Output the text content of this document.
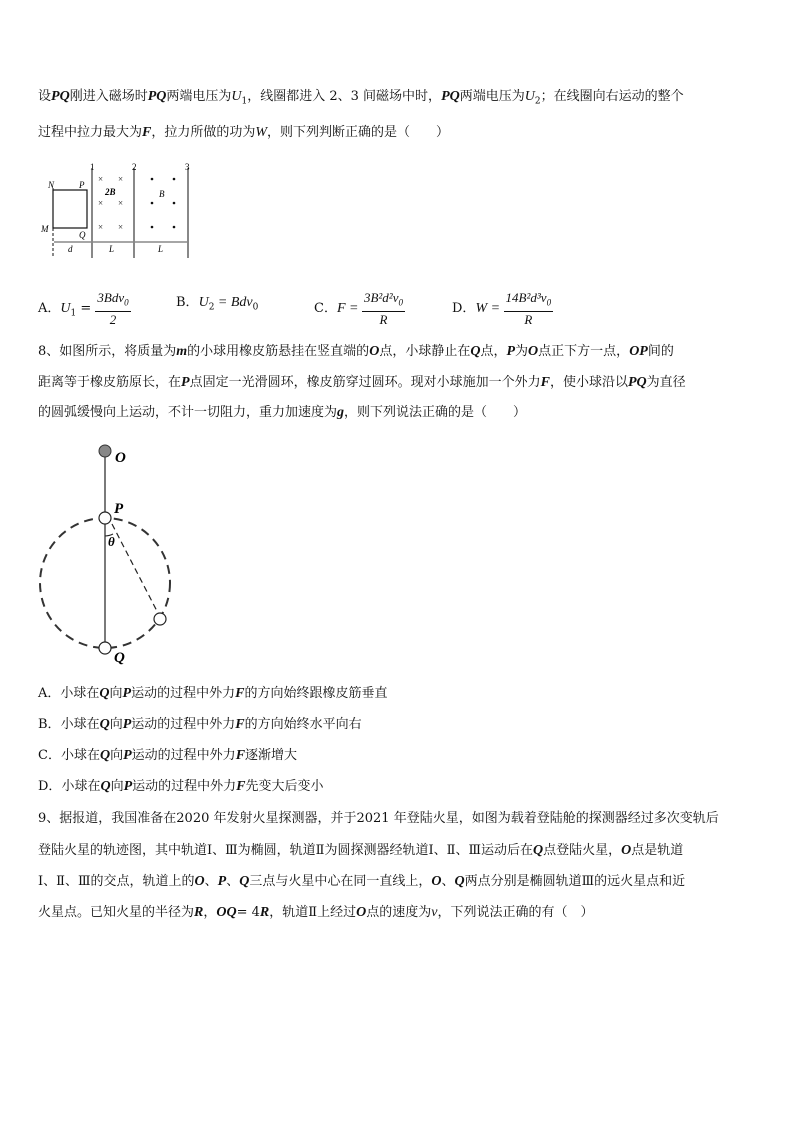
设PQ刚进入磁场时PQ两端电压为$U_1$，线圈都进入 2、3 间磁场中时，PQ两端电压为$U_2$；在线圈向右运动的整个
过程中拉力最大为F，拉力所做的功为W，则下列判断正确的是（　　）
1	2	3
N	P
M
Q
× ×
× ×
× ×
2B	B
d	L	L
A．$U_1 = \frac{3Bdv_0}{2}$	B．$U_2 = Bdv_0$	C．$F = \frac{3B^2d^2v_0}{R}$	D．$W = \frac{14B^2d^3v_0}{R}$
8、如图所示，将质量为m的小球用橡皮筋悬挂在竖直端的O点，小球静止在Q点，P为O点正下方一点，OP间的
距离等于橡皮筋原长，在P点固定一光滑圆环，橡皮筋穿过圆环。现对小球施加一个外力F，使小球沿以PQ为直径
的圆弧缓慢向上运动，不计一切阻力，重力加速度为g，则下列说法正确的是（　　）
O
P
Q
θ
A．小球在Q向P运动的过程中外力F的方向始终跟橡皮筋垂直
B．小球在Q向P运动的过程中外力F的方向始终水平向右
C．小球在Q向P运动的过程中外力F逐渐增大
D．小球在Q向P运动的过程中外力F先变大后变小
9、据报道，我国准备在2020 年发射火星探测器，并于2021 年登陆火星，如图为载着登陆舱的探测器经过多次变轨后
登陆火星的轨迹图，其中轨道Ⅰ、Ⅲ为椭圆，轨道Ⅱ为圆探测器经轨道Ⅰ、Ⅱ、Ⅲ运动后在Q点登陆火星，O点是轨道
Ⅰ、Ⅱ、Ⅲ的交点，轨道上的O、P、Q三点与火星中心在同一直线上，O、Q两点分别是椭圆轨道Ⅲ的远火星点和近
火星点。已知火星的半径为R，OQ= 4R，轨道Ⅱ上经过O点的速度为v，下列说法正确的有（　）
